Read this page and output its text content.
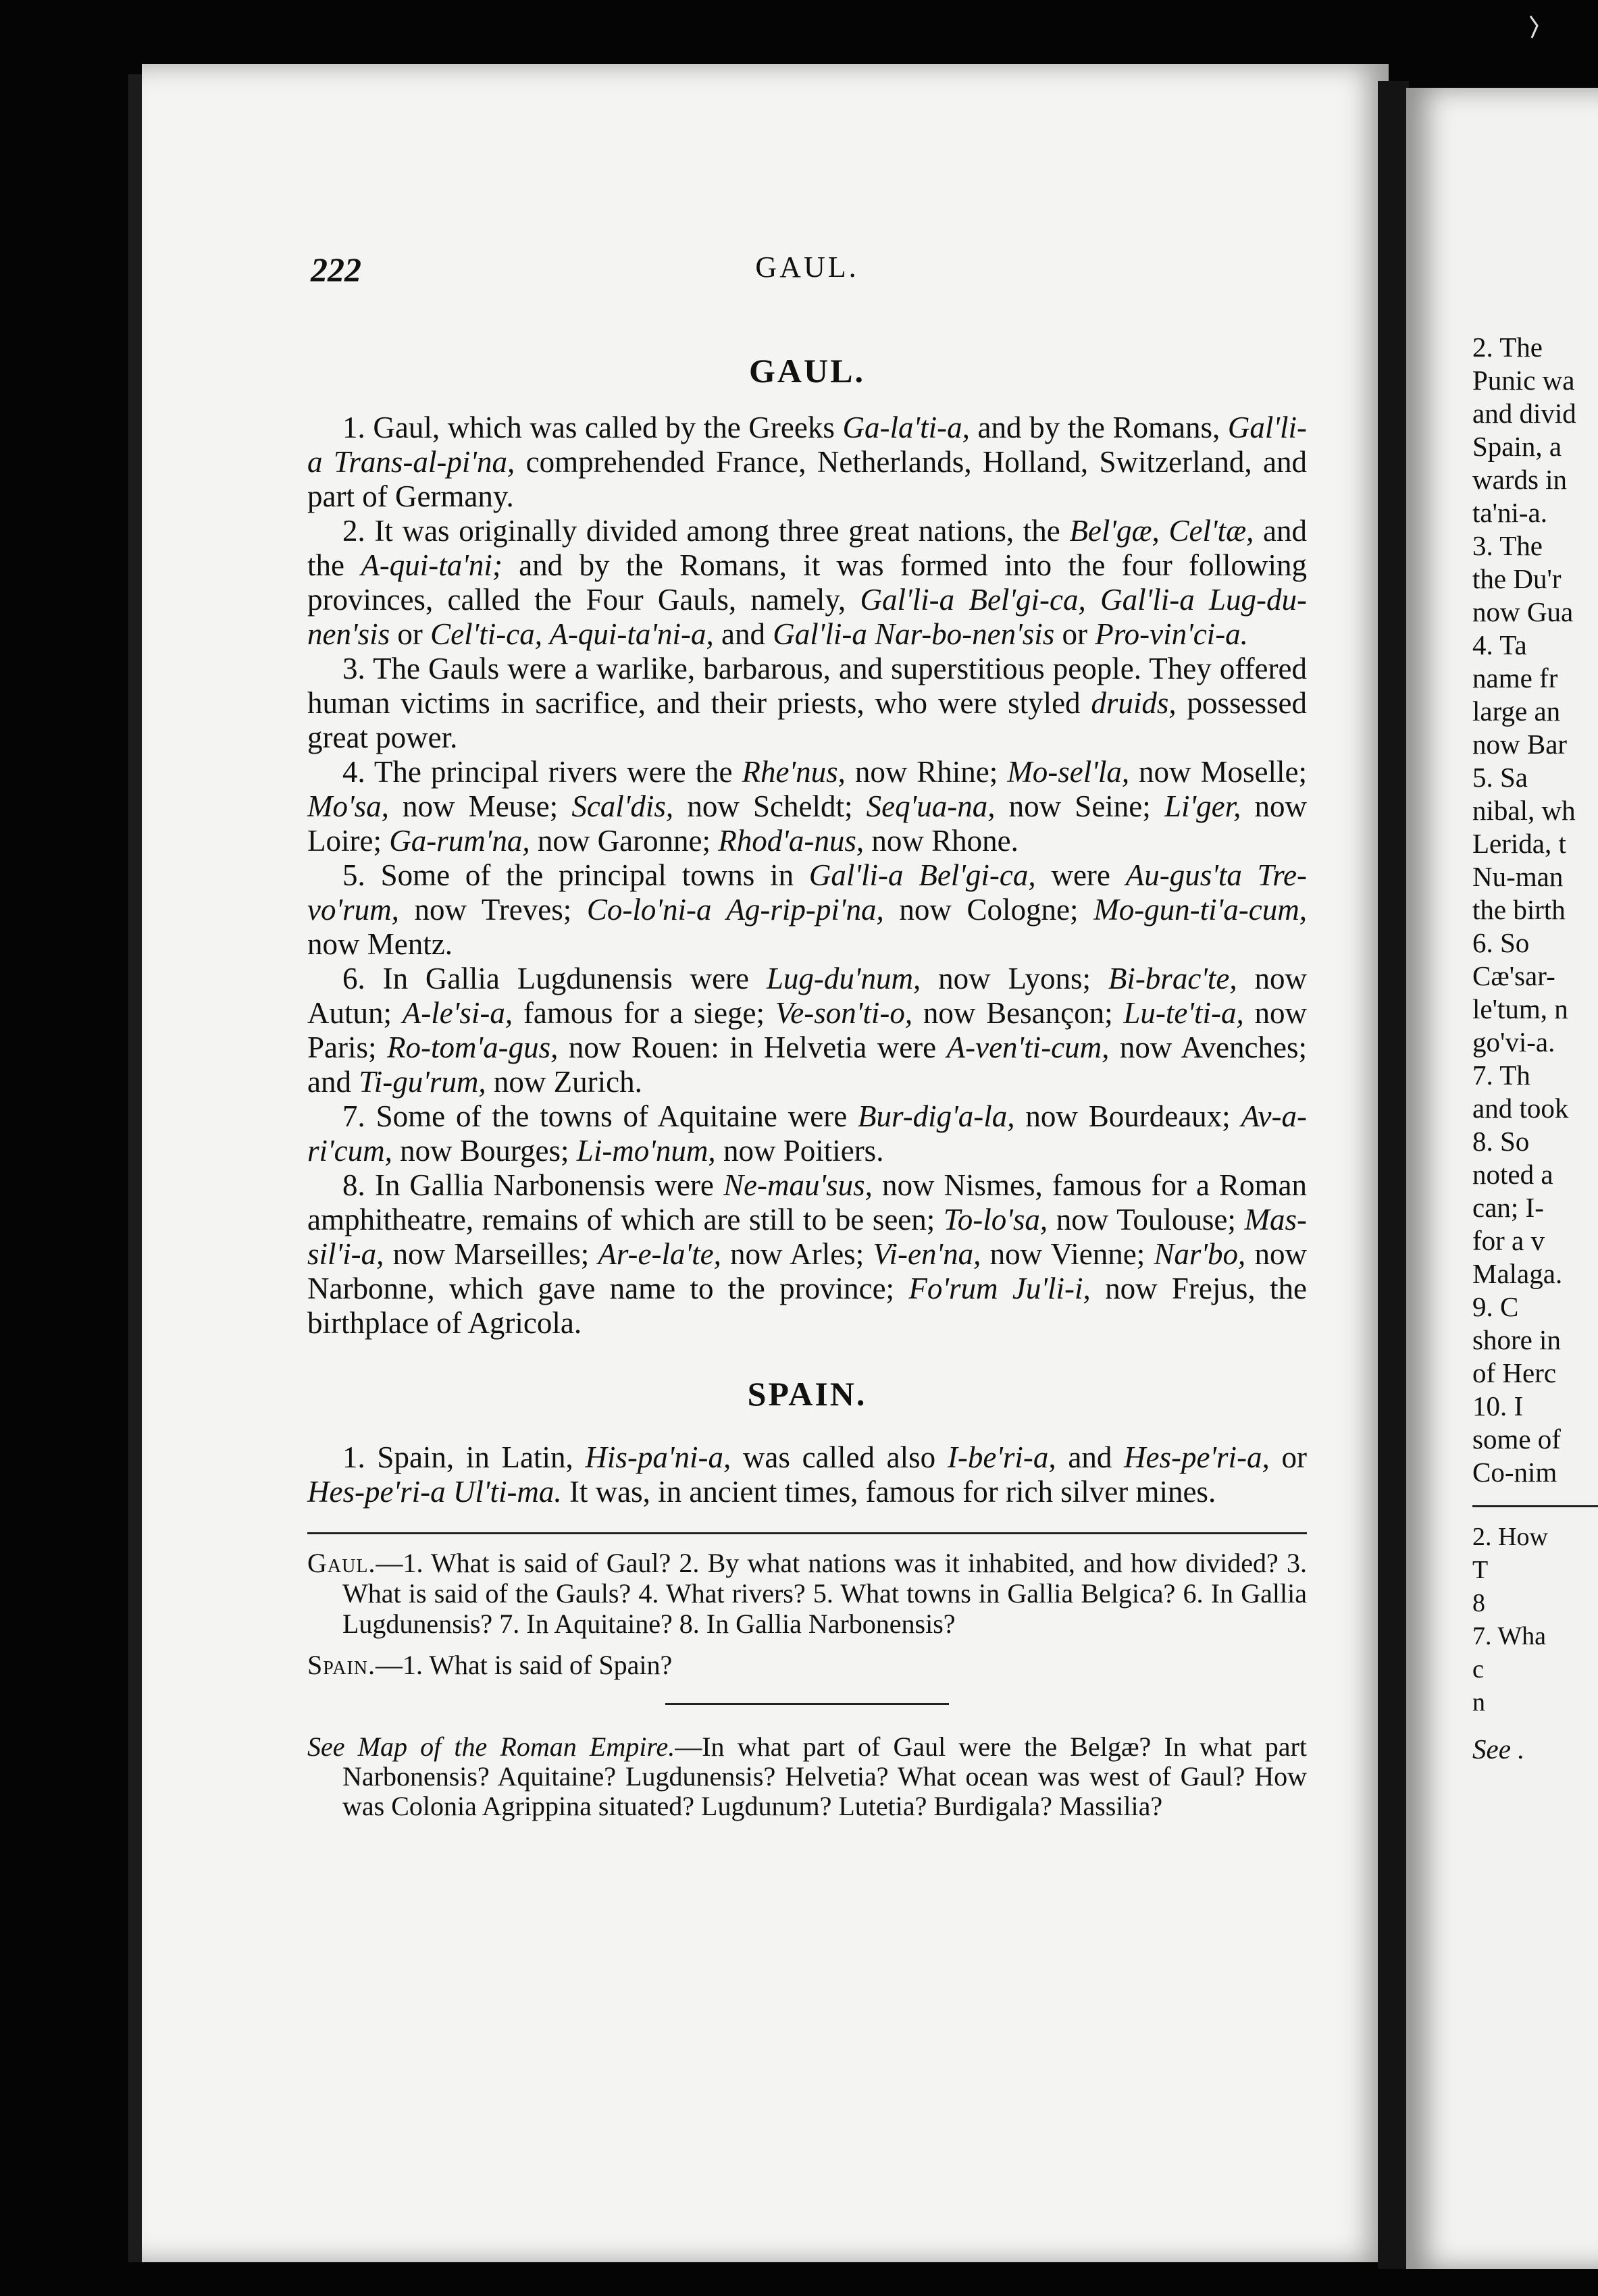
222	GAUL.
GAUL.

1. Gaul, which was called by the Greeks Ga-la'ti-a, and by the Romans, Gal'li-a Trans-al-pi'na, comprehended France, Netherlands, Holland, Switzerland, and part of Germany.

2. It was originally divided among three great nations, the Bel'gæ, Cel'tæ, and the A-qui-ta'ni; and by the Romans, it was formed into the four following provinces, called the Four Gauls, namely, Gal'li-a Bel'gi-ca, Gal'li-a Lug-du-nen'sis or Cel'ti-ca, A-qui-ta'ni-a, and Gal'li-a Nar-bo-nen'sis or Pro-vin'ci-a.

3. The Gauls were a warlike, barbarous, and superstitious people. They offered human victims in sacrifice, and their priests, who were styled druids, possessed great power.

4. The principal rivers were the Rhe'nus, now Rhine; Mo-sel'la, now Moselle; Mo'sa, now Meuse; Scal'dis, now Scheldt; Seq'ua-na, now Seine; Li'ger, now Loire; Ga-rum'na, now Garonne; Rhod'a-nus, now Rhone.

5. Some of the principal towns in Gal'li-a Bel'gi-ca, were Au-gus'ta Tre-vo'rum, now Treves; Co-lo'ni-a Ag-rip-pi'na, now Cologne; Mo-gun-ti'a-cum, now Mentz.

6. In Gallia Lugdunensis were Lug-du'num, now Lyons; Bi-brac'te, now Autun; A-le'si-a, famous for a siege; Ve-son'ti-o, now Besançon; Lu-te'ti-a, now Paris; Ro-tom'a-gus, now Rouen: in Helvetia were A-ven'ti-cum, now Avenches; and Ti-gu'rum, now Zurich.

7. Some of the towns of Aquitaine were Bur-dig'a-la, now Bourdeaux; Av-a-ri'cum, now Bourges; Li-mo'num, now Poitiers.

8. In Gallia Narbonensis were Ne-mau'sus, now Nismes, famous for a Roman amphitheatre, remains of which are still to be seen; To-lo'sa, now Toulouse; Mas-sil'i-a, now Marseilles; Ar-e-la'te, now Arles; Vi-en'na, now Vienne; Nar'bo, now Narbonne, which gave name to the province; Fo'rum Ju'li-i, now Frejus, the birthplace of Agricola.

SPAIN.

1. Spain, in Latin, His-pa'ni-a, was called also I-be'ri-a, and Hes-pe'ri-a, or Hes-pe'ri-a Ul'ti-ma. It was, in ancient times, famous for rich silver mines.

Gaul.—1. What is said of Gaul? 2. By what nations was it inhabited, and how divided? 3. What is said of the Gauls? 4. What rivers? 5. What towns in Gallia Belgica? 6. In Gallia Lugdunensis? 7. In Aquitaine? 8. In Gallia Narbonensis?

Spain.—1. What is said of Spain?

See Map of the Roman Empire.—In what part of Gaul were the Belgæ? In what part Narbonensis? Aquitaine? Lugdunensis? Helvetia? What ocean was west of Gaul? How was Colonia Agrippina situated? Lugdunum? Lutetia? Burdigala? Massilia?

2. The
Punic wa
and divid
Spain, a
wards in
ta'ni-a.
3. The
the Du'r
now Gua
4. Ta
name fr
large an
now Bar
5. Sa
nibal, wh
Lerida, t
Nu-man
the birth
6. So
Cæ'sar-
le'tum, n
go'vi-a.
7. Th
and took
8. So
noted a
can; I-
for a v
Malaga.
9. C
shore in
of Herc
10. I
some of
Co-nim
2. How
T
8
7. Wha
c
n
See .
